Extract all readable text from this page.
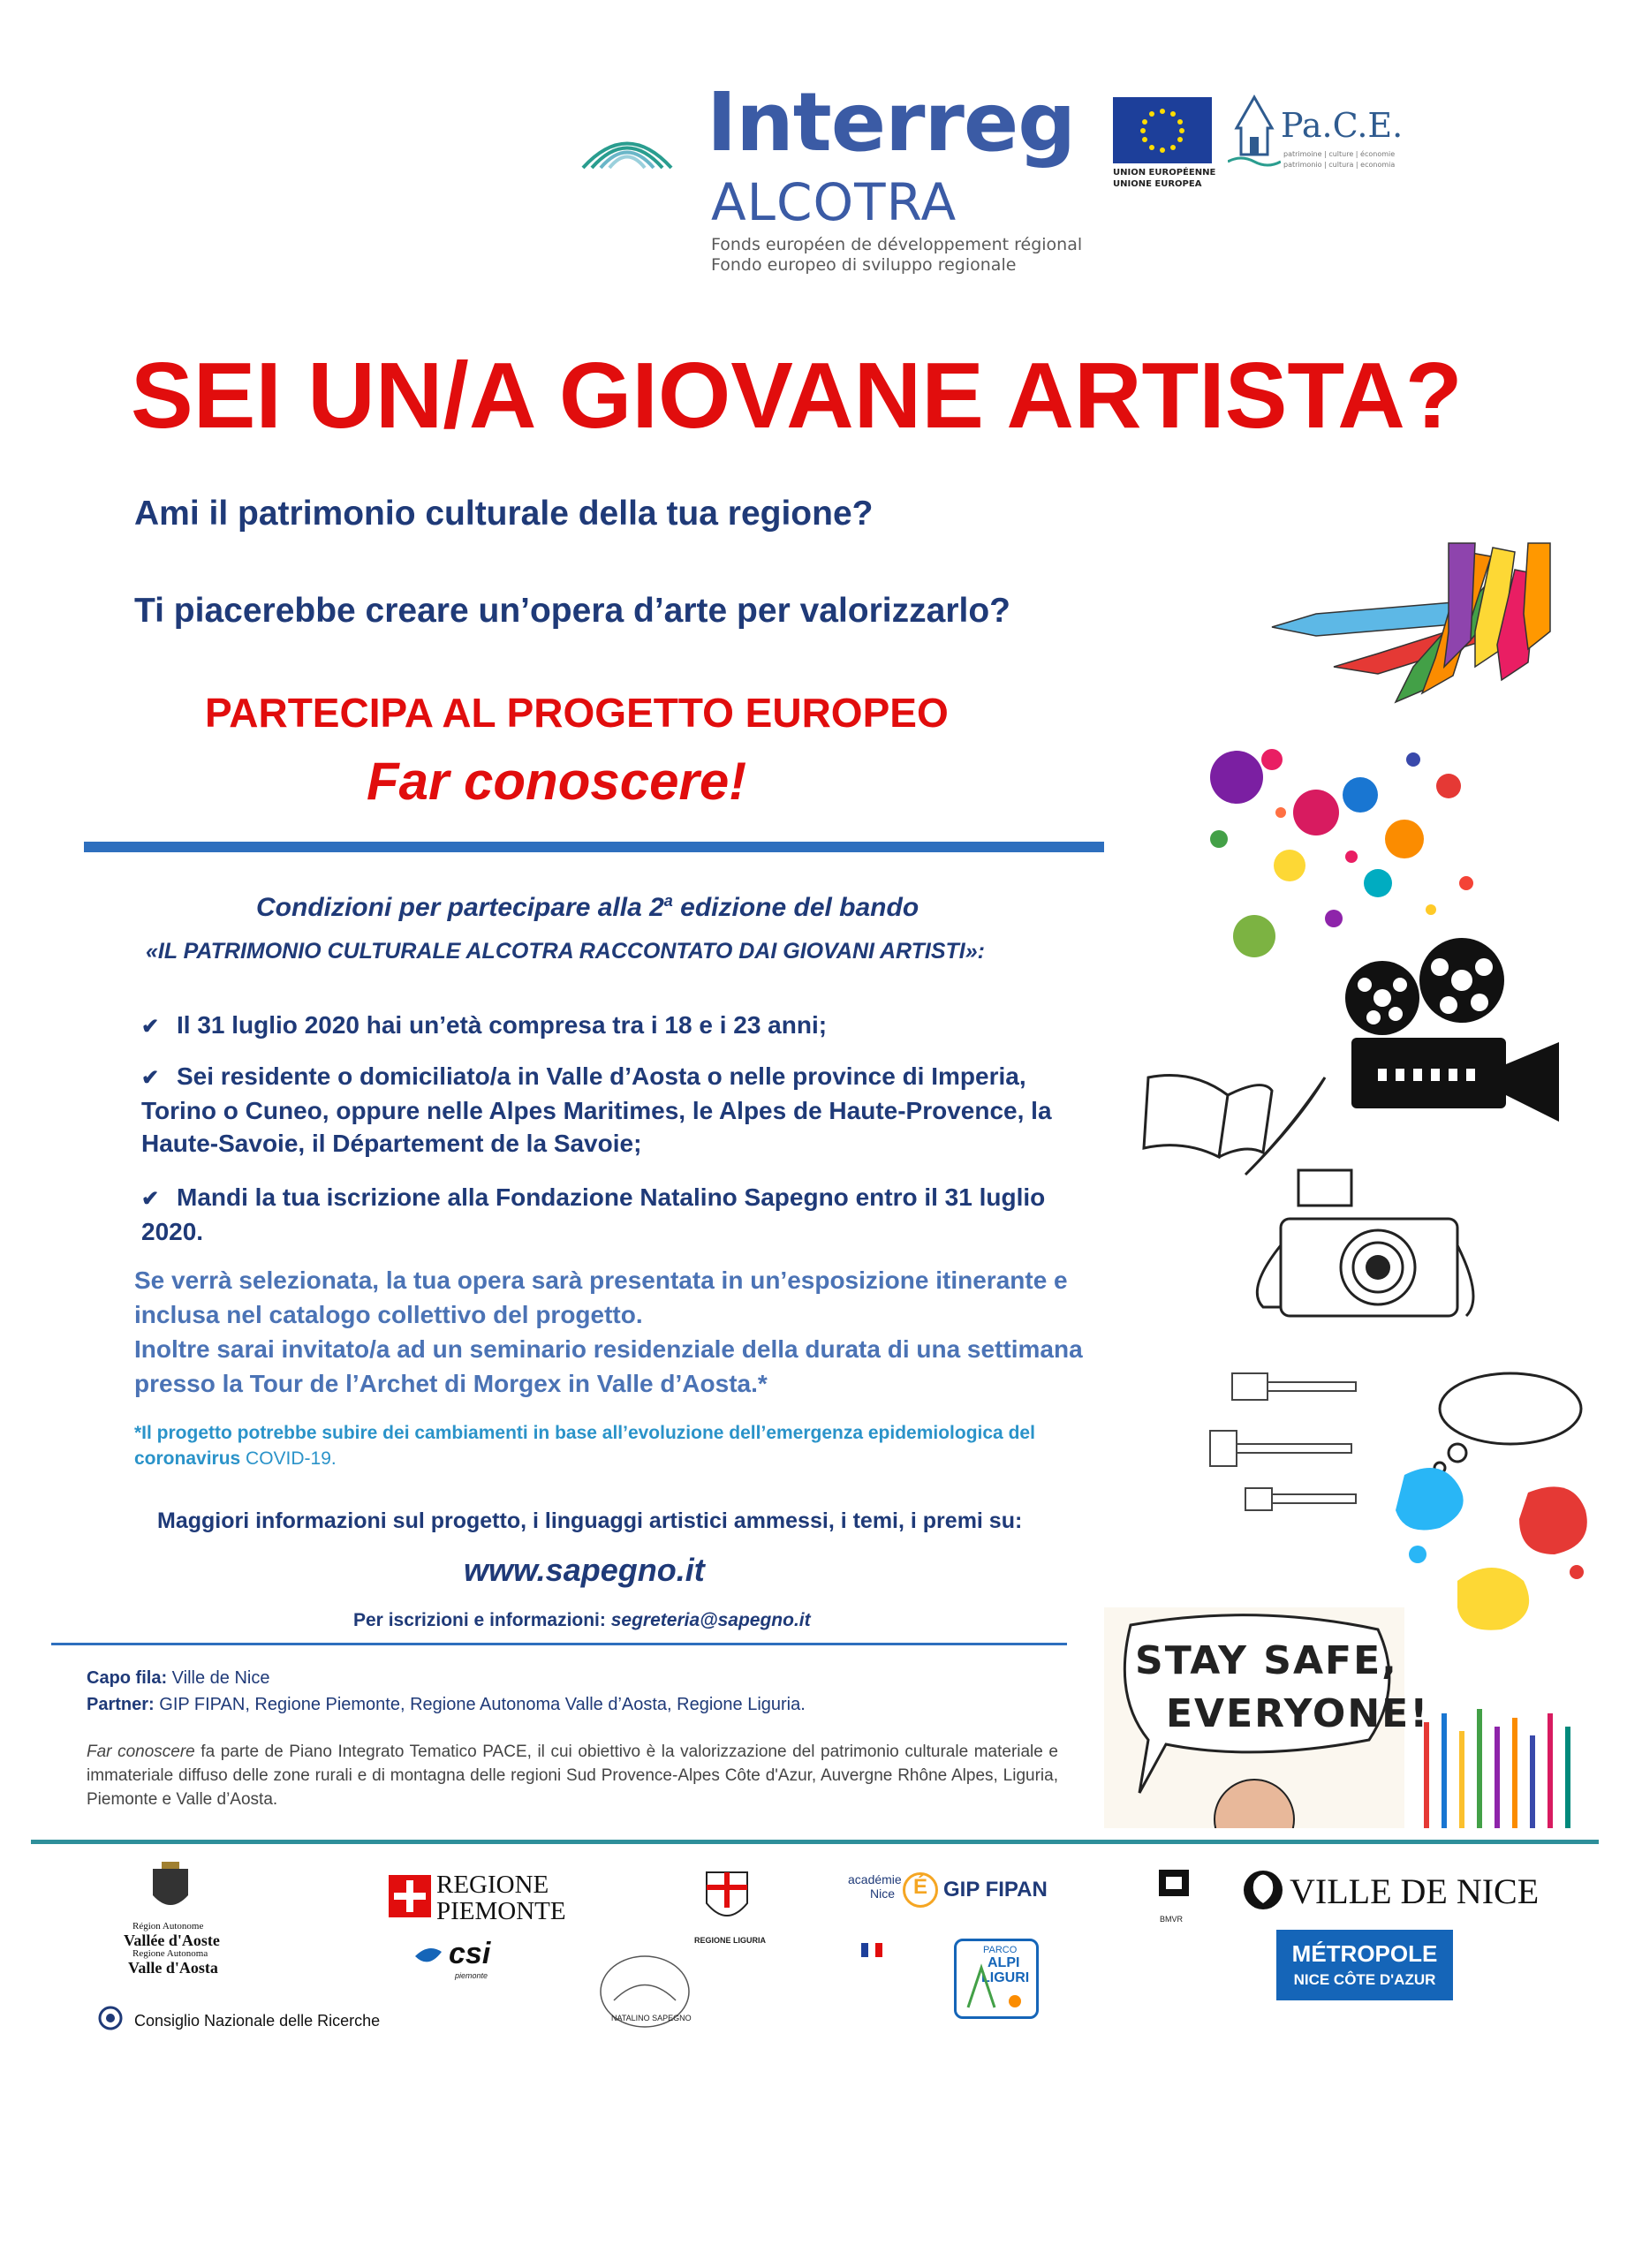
Interreg
ALCOTRA
Fonds européen de développement régional
Fondo europeo di sviluppo regionale
UNION EUROPÉENNE
UNIONE EUROPEA
Pa.C.E.
patrimoine | culture | économie
patrimonio | cultura | economia
SEI UN/A GIOVANE ARTISTA?
Ami il patrimonio culturale della tua regione?
Ti piacerebbe creare un’opera d’arte per valorizzarlo?
PARTECIPA AL PROGETTO EUROPEO
Far conoscere!
Condizioni per partecipare alla 2$^a$ edizione del bando
«IL PATRIMONIO CULTURALE ALCOTRA RACCONTATO DAI GIOVANI ARTISTI»:
✔ Il 31 luglio 2020 hai un’età compresa tra i 18 e i 23 anni;
✔ Sei residente o domiciliato/a in Valle d’Aosta o nelle province di Imperia, Torino o Cuneo, oppure nelle Alpes Maritimes, le Alpes de Haute-Provence, la Haute-Savoie, il Département de la Savoie;
✔ Mandi la tua iscrizione alla Fondazione Natalino Sapegno entro il 31 luglio 2020.
Se verrà selezionata, la tua opera sarà presentata in un’esposizione itinerante e inclusa nel catalogo collettivo del progetto.
Inoltre sarai invitato/a ad un seminario residenziale della durata di una settimana presso la Tour de l’Archet di Morgex in Valle d’Aosta.*
*Il progetto potrebbe subire dei cambiamenti in base all’evoluzione dell’emergenza epidemiologica del coronavirus COVID-19.
Maggiori informazioni sul progetto, i linguaggi artistici ammessi, i temi, i premi su:
www.sapegno.it
Per iscrizioni e informazioni: segreteria@sapegno.it
Capo fila: Ville de Nice
Partner: GIP FIPAN, Regione Piemonte, Regione Autonoma Valle d’Aosta, Regione Liguria.
Far conoscere fa parte de Piano Integrato Tematico PACE, il cui obiettivo è la valorizzazione del patrimonio culturale materiale e immateriale diffuso delle zone rurali e di montagna delle regioni Sud Provence-Alpes Côte d'Azur, Auvergne Rhône Alpes, Liguria, Piemonte e Valle d’Aosta.
STAY SAFE,
EVERYONE!
Région Autonome
Vallée d'Aoste
Regione Autonoma
Valle d'Aosta
Consiglio Nazionale delle Ricerche
REGIONE
PIEMONTE
csi
piemonte
REGIONE LIGURIA
NATALINO SAPEGNO
académie
Nice É GIP FIPAN
PARCO
ALPI
LIGURI
BMVR
VILLE DE NICE
MÉTROPOLE
NICE CÔTE D'AZUR
